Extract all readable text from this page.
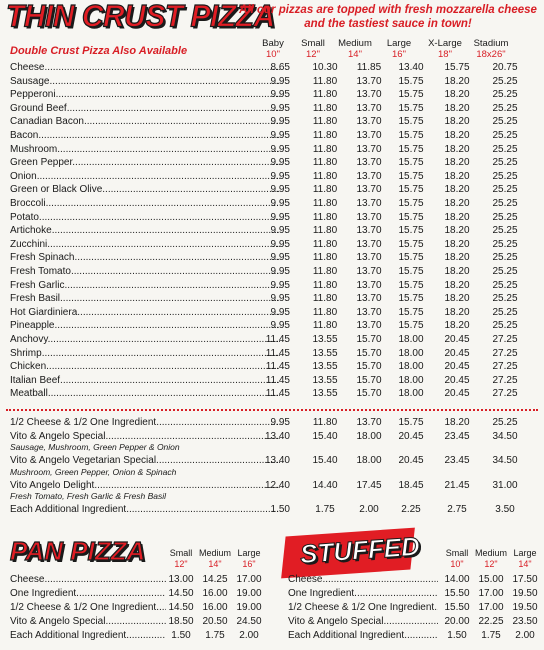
THIN CRUST PIZZA
All our pizzas are topped with fresh mozzarella cheese
and the tastiest sauce in town!
Double Crust Pizza Also Available
Baby
10"
Small
12"
Medium
14"
Large
16"
X-Large
18"
Stadium
18x26"
Cheese .....	8.65	10.30	11.85	13.40	15.75	20.75
Sausage .....	9.95	11.80	13.70	15.75	18.20	25.25
Pepperoni .....	9.95	11.80	13.70	15.75	18.20	25.25
Ground Beef .....	9.95	11.80	13.70	15.75	18.20	25.25
Canadian Bacon .....	9.95	11.80	13.70	15.75	18.20	25.25
Bacon .....	9.95	11.80	13.70	15.75	18.20	25.25
Mushroom .....	9.95	11.80	13.70	15.75	18.20	25.25
Green Pepper .....	9.95	11.80	13.70	15.75	18.20	25.25
Onion .....	9.95	11.80	13.70	15.75	18.20	25.25
Green or Black Olive .....	9.95	11.80	13.70	15.75	18.20	25.25
Broccoli .....	9.95	11.80	13.70	15.75	18.20	25.25
Potato .....	9.95	11.80	13.70	15.75	18.20	25.25
Artichoke .....	9.95	11.80	13.70	15.75	18.20	25.25
Zucchini .....	9.95	11.80	13.70	15.75	18.20	25.25
Fresh Spinach .....	9.95	11.80	13.70	15.75	18.20	25.25
Fresh Tomato .....	9.95	11.80	13.70	15.75	18.20	25.25
Fresh Garlic .....	9.95	11.80	13.70	15.75	18.20	25.25
Fresh Basil .....	9.95	11.80	13.70	15.75	18.20	25.25
Hot Giardiniera .....	9.95	11.80	13.70	15.75	18.20	25.25
Pineapple .....	9.95	11.80	13.70	15.75	18.20	25.25
Anchovy .....	11.45	13.55	15.70	18.00	20.45	27.25
Shrimp .....	11.45	13.55	15.70	18.00	20.45	27.25
Chicken .....	11.45	13.55	15.70	18.00	20.45	27.25
Italian Beef .....	11.45	13.55	15.70	18.00	20.45	27.25
Meatball .....	11.45	13.55	15.70	18.00	20.45	27.25
1/2 Cheese & 1/2 One Ingredient .....	9.95	11.80	13.70	15.75	18.20	25.25
Vito & Angelo Special .....	13.40	15.40	18.00	20.45	23.45	34.50
Sausage, Mushroom, Green Pepper & Onion
Vito & Angelo Vegetarian Special .....	13.40	15.40	18.00	20.45	23.45	34.50
Mushroom, Green Pepper, Onion & Spinach
Vito Angelo Delight .....	12.40	14.40	17.45	18.45	21.45	31.00
Fresh Tomato, Fresh Garlic & Fresh Basil
Each Additional Ingredient .....	1.50	1.75	2.00	2.25	2.75	3.50
PAN PIZZA	Small
12"
Medium
14"
Large
16"
Cheese .....	13.00 14.25 17.00
One Ingredient .....	14.50 16.00 19.00
1/2 Cheese & 1/2 One Ingredient .....	14.50 16.00 19.00
Vito & Angelo Special .....	18.50 20.50 24.50
Each Additional Ingredient .....	1.50	1.75	2.00
STUFFED	Small
10"
Medium
12"
Large
14"
Cheese .....	14.00 15.00 17.50
One Ingredient .....	15.50 17.00 19.50
1/2 Cheese & 1/2 One Ingredient .....	15.50 17.00 19.50
Vito & Angelo Special .....	20.00 22.25 23.50
Each Additional Ingredient .....	1.50	1.75	2.00
